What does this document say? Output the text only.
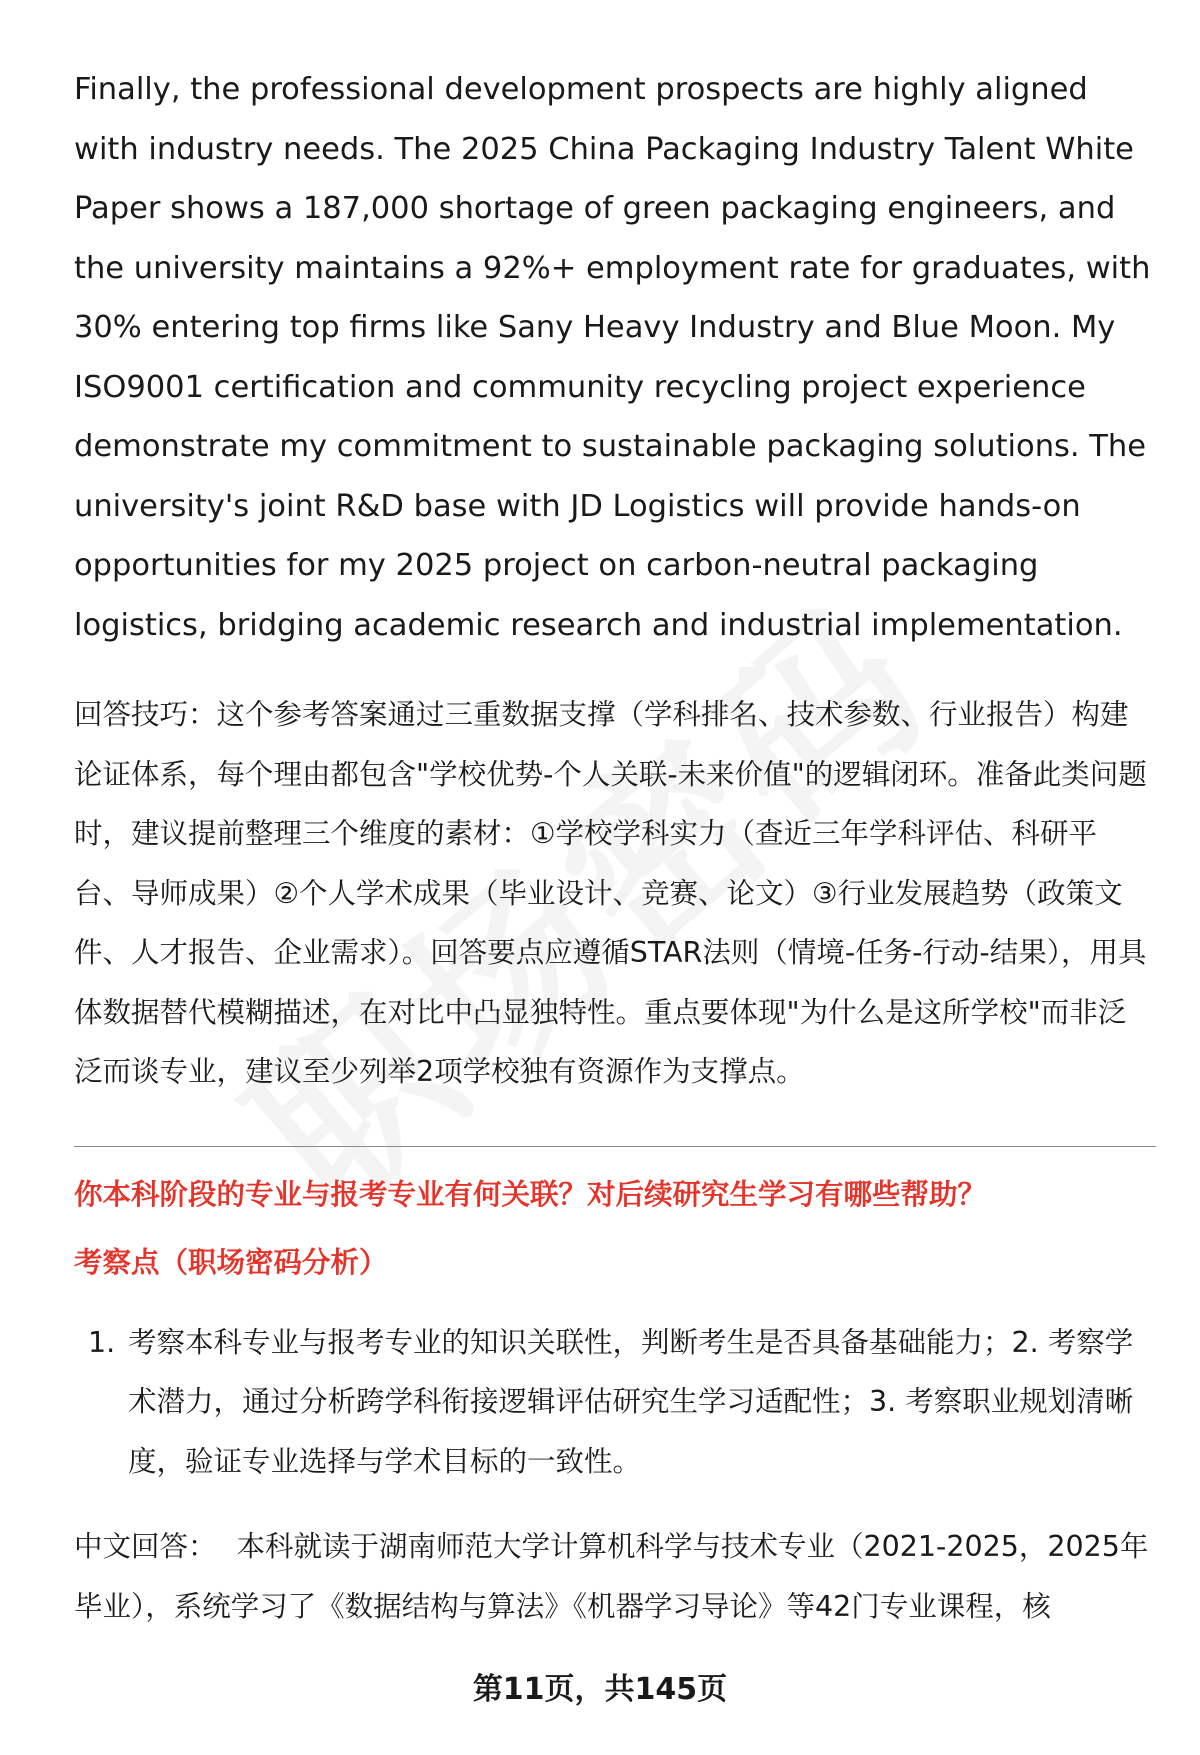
Finally, the professional development prospects are highly aligned with industry needs. The 2025 China Packaging Industry Talent White Paper shows a 187,000 shortage of green packaging engineers, and the university maintains a 92%+ employment rate for graduates, with 30% entering top firms like Sany Heavy Industry and Blue Moon. My ISO9001 certification and community recycling project experience demonstrate my commitment to sustainable packaging solutions. The university's joint R&D base with JD Logistics will provide hands-on opportunities for my 2025 project on carbon-neutral packaging logistics, bridging academic research and industrial implementation.

回答技巧：这个参考答案通过三重数据支撑（学科排名、技术参数、行业报告）构建论证体系，每个理由都包含"学校优势-个人关联-未来价值"的逻辑闭环。准备此类问题时，建议提前整理三个维度的素材：①学校学科实力（查近三年学科评估、科研平台、导师成果）②个人学术成果（毕业设计、竞赛、论文）③行业发展趋势（政策文件、人才报告、企业需求）。回答要点应遵循STAR法则（情境-任务-行动-结果），用具体数据替代模糊描述，在对比中凸显独特性。重点要体现"为什么是这所学校"而非泛泛而谈专业，建议至少列举2项学校独有资源作为支撑点。

你本科阶段的专业与报考专业有何关联？对后续研究生学习有哪些帮助？

考察点（职场密码分析）

1. 考察本科专业与报考专业的知识关联性，判断考生是否具备基础能力；2. 考察学术潜力，通过分析跨学科衔接逻辑评估研究生学习适配性；3. 考察职业规划清晰度，验证专业选择与学术目标的一致性。

中文回答： 本科就读于湖南师范大学计算机科学与技术专业（2021-2025，2025年毕业），系统学习了《数据结构与算法》《机器学习导论》等42门专业课程，核

第11页，共145页
